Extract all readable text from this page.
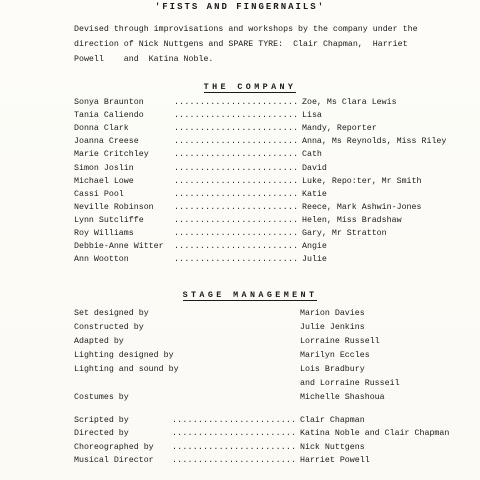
'FISTS AND FINGERNAILS'
Devised through improvisations and workshops by the company under the
direction of Nick Nuttgens and SPARE TYRE:  Clair Chapman,  Harriet
Powell    and  Katina Noble.
THE COMPANY
Sonya Braunton	........................ Zoe, Ms Clara Lewis
Tania Caliendo	........................ Lisa
Donna Clark	........................ Mandy, Reporter
Joanna Creese	........................ Anna, Ms Reynolds, Miss Riley
Marie Critchley	........................ Cath
Simon Joslin	........................ David
Michael Lowe	........................ Luke, Repo:ter, Mr Smith
Cassi Pool	........................ Katie
Neville Robinson ........................ Reece, Mark Ashwin-Jones
Lynn Sutcliffe	........................ Helen, Miss Bradshaw
Roy Williams	........................ Gary, Mr Stratton
Debbie-Anne Witter ........................ Angie
Ann Wootton	........................ Julie
STAGE MANAGEMENT
Set designed by	Marion Davies
Constructed by	Julie Jenkins
Adapted by	Lorraine Russell
Lighting designed by	Marilyn Eccles
Lighting and sound by	Lois Bradbury
and Lorraine Russeil
Costumes by	Michelle Shashoua
Scripted by	........................ Clair Chapman
Directed by	........................ Katina Noble and Clair Chapman
Choreographed by ........................ Nick Nuttgens
Musical Director ........................ Harriet Powell
